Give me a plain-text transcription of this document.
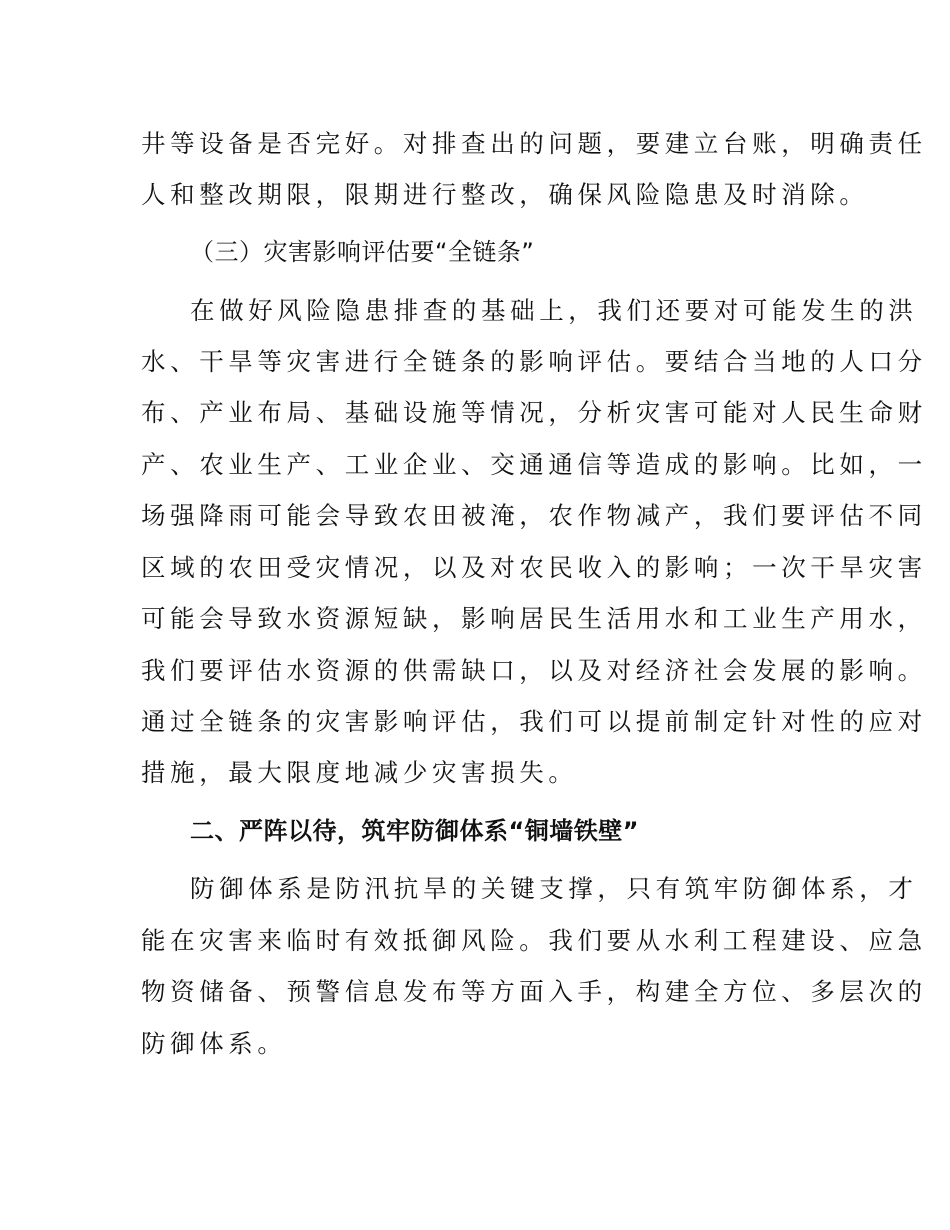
井等设备是否完好。对排查出的问题，要建立台账，明确责任
人和整改期限，限期进行整改，确保风险隐患及时消除。
（三）灾害影响评估要“全链条”
在做好风险隐患排查的基础上，我们还要对可能发生的洪
水、干旱等灾害进行全链条的影响评估。要结合当地的人口分
布、产业布局、基础设施等情况，分析灾害可能对人民生命财
产、农业生产、工业企业、交通通信等造成的影响。比如，一
场强降雨可能会导致农田被淹，农作物减产，我们要评估不同
区域的农田受灾情况，以及对农民收入的影响；一次干旱灾害
可能会导致水资源短缺，影响居民生活用水和工业生产用水，
我们要评估水资源的供需缺口，以及对经济社会发展的影响。
通过全链条的灾害影响评估，我们可以提前制定针对性的应对
措施，最大限度地减少灾害损失。
二、严阵以待，筑牢防御体系“铜墙铁壁”
防御体系是防汛抗旱的关键支撑，只有筑牢防御体系，才
能在灾害来临时有效抵御风险。我们要从水利工程建设、应急
物资储备、预警信息发布等方面入手，构建全方位、多层次的
防御体系。
